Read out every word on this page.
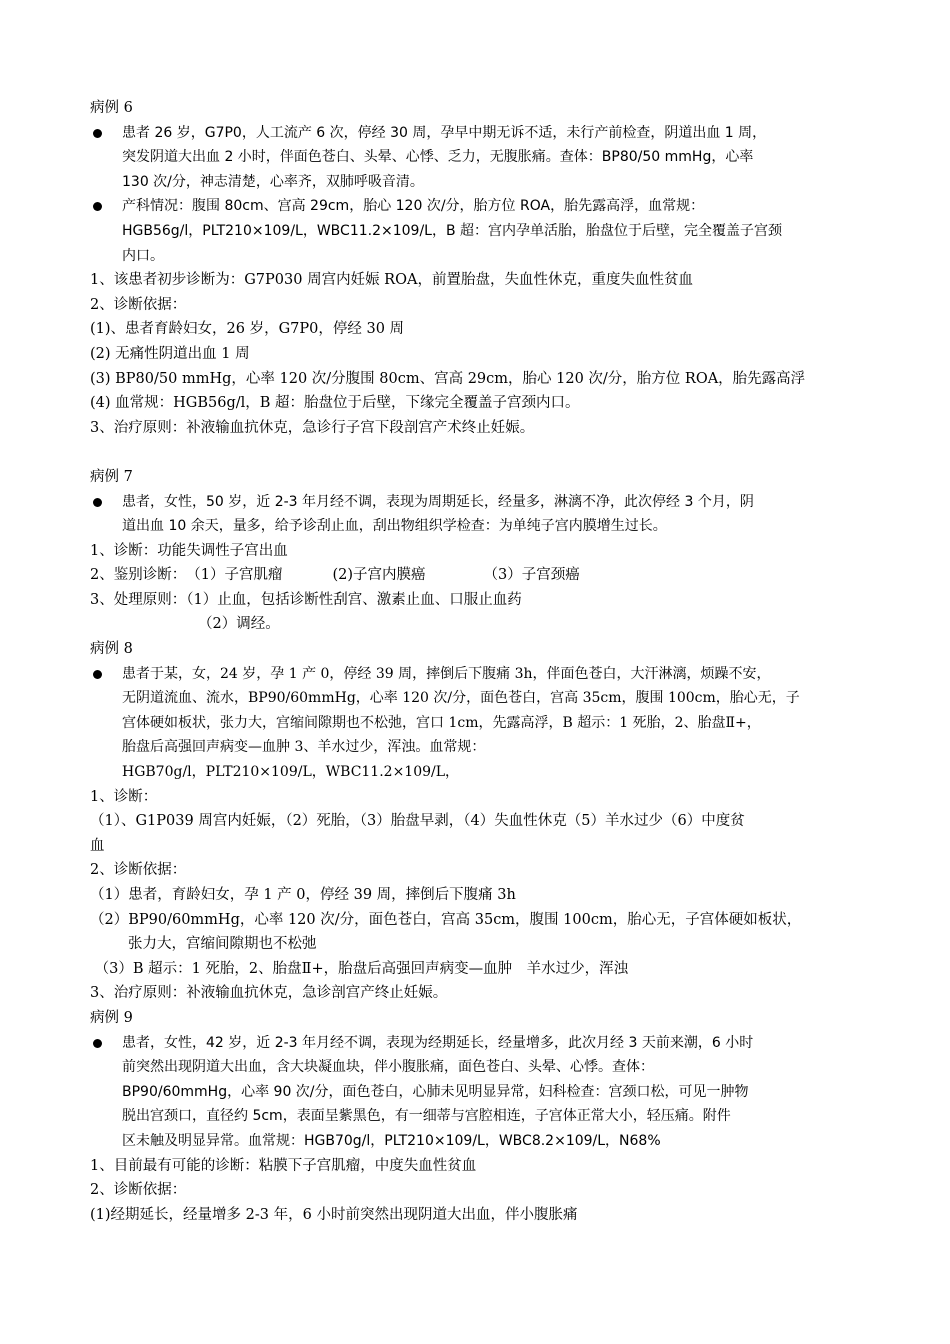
病例 6
患者 26 岁，G7P0，人工流产 6 次，停经 30 周，孕早中期无诉不适，未行产前检查，阴道出血 1 周，
突发阴道大出血 2 小时，伴面色苍白、头晕、心悸、乏力，无腹胀痛。查体：BP80/50 mmHg，心率
130 次/分，神志清楚，心率齐，双肺呼吸音清。
产科情况：腹围 80cm、宫高 29cm，胎心 120 次/分，胎方位 ROA，胎先露高浮，血常规：
HGB56g/l，PLT210×109/L，WBC11.2×109/L，B 超：宫内孕单活胎，胎盘位于后壁，完全覆盖子宫颈
内口。
1、该患者初步诊断为：G7P030 周宫内妊娠 ROA，前置胎盘，失血性休克，重度失血性贫血
2、诊断依据：
(1)、患者育龄妇女，26 岁，G7P0，停经 30 周
(2) 无痛性阴道出血 1 周
(3) BP80/50 mmHg，心率 120 次/分腹围 80cm、宫高 29cm，胎心 120 次/分，胎方位 ROA，胎先露高浮
(4) 血常规：HGB56g/l，B 超：胎盘位于后壁，下缘完全覆盖子宫颈内口。
3、治疗原则：补液输血抗休克，急诊行子宫下段剖宫产术终止妊娠。
病例 7
患者，女性，50 岁，近 2-3 年月经不调，表现为周期延长，经量多，淋漓不净，此次停经 3 个月，阴
道出血 10 余天，量多，给予诊刮止血，刮出物组织学检查：为单纯子宫内膜增生过长。
1、诊断：功能失调性子宫出血
2、鉴别诊断：（1）子宫肌瘤	(2)子宫内膜癌	（3）子宫颈癌
3、处理原则：（1）止血，包括诊断性刮宫、激素止血、口服止血药
（2）调经。
病例 8
患者于某，女，24 岁，孕 1 产 0，停经 39 周，摔倒后下腹痛 3h，伴面色苍白，大汗淋漓，烦躁不安，
无阴道流血、流水，BP90/60mmHg，心率 120 次/分，面色苍白，宫高 35cm，腹围 100cm，胎心无，子
宫体硬如板状，张力大，宫缩间隙期也不松弛，宫口 1cm，先露高浮，B 超示：1 死胎，2、胎盘Ⅱ+，
胎盘后高强回声病变—血肿 3、羊水过少，浑浊。血常规：
HGB70g/l，PLT210×109/L，WBC11.2×109/L，
1、诊断：
（1）、G1P039 周宫内妊娠，（2）死胎，（3）胎盘早剥，（4）失血性休克（5）羊水过少（6）中度贫
血
2、诊断依据：
（1）患者，育龄妇女，孕 1 产 0，停经 39 周，摔倒后下腹痛 3h
（2）BP90/60mmHg，心率 120 次/分，面色苍白，宫高 35cm，腹围 100cm，胎心无，子宫体硬如板状，
张力大，宫缩间隙期也不松弛
（3）B 超示：1 死胎，2、胎盘Ⅱ+，胎盘后高强回声病变—血肿　羊水过少，浑浊
3、治疗原则：补液输血抗休克，急诊剖宫产终止妊娠。
病例 9
患者，女性，42 岁，近 2-3 年月经不调，表现为经期延长，经量增多，此次月经 3 天前来潮，6 小时
前突然出现阴道大出血，含大块凝血块，伴小腹胀痛，面色苍白、头晕、心悸。查体：
BP90/60mmHg，心率 90 次/分，面色苍白，心肺未见明显异常，妇科检查：宫颈口松，可见一肿物
脱出宫颈口，直径约 5cm，表面呈紫黑色，有一细蒂与宫腔相连，子宫体正常大小，轻压痛。附件
区未触及明显异常。血常规：HGB70g/l，PLT210×109/L，WBC8.2×109/L，N68%
1、目前最有可能的诊断：粘膜下子宫肌瘤，中度失血性贫血
2、诊断依据：
(1)经期延长，经量增多 2-3 年，6 小时前突然出现阴道大出血，伴小腹胀痛
